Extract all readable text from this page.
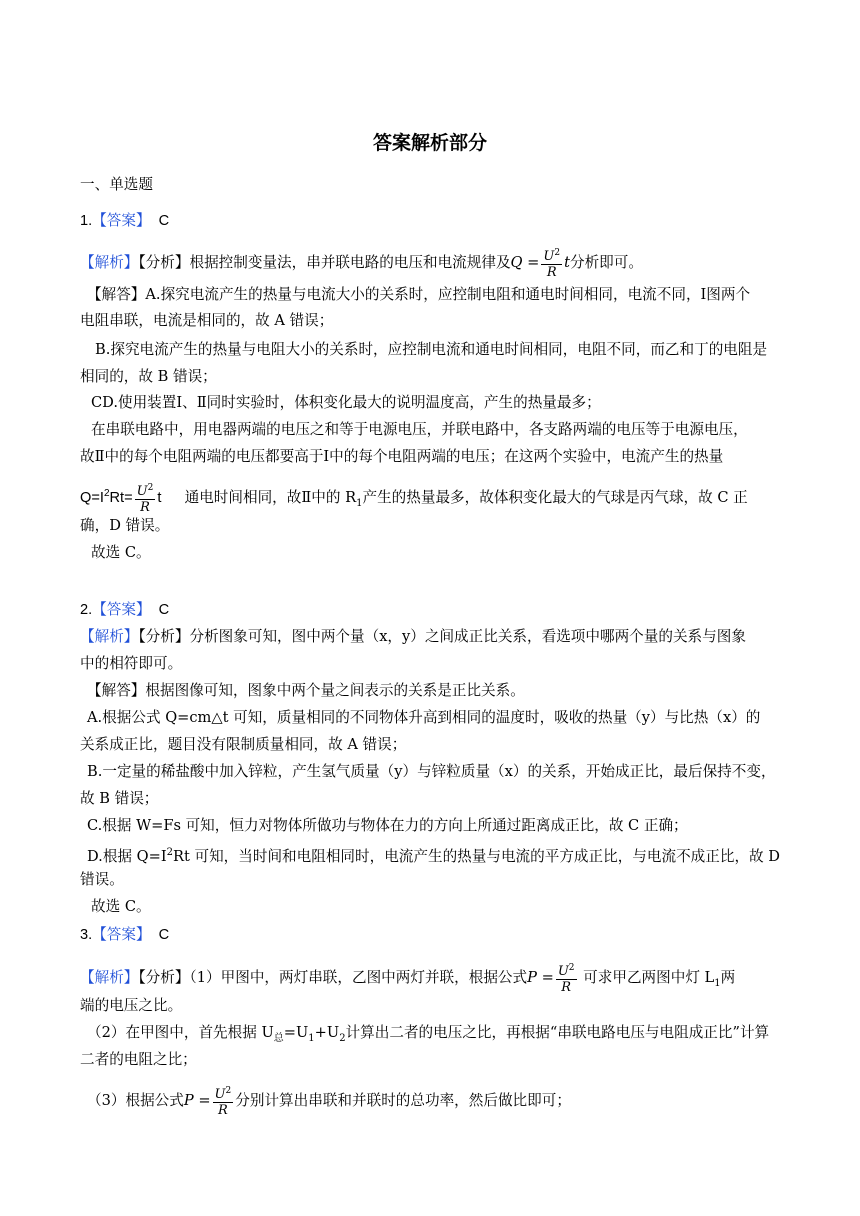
答案解析部分
一、单选题
1.【答案】 C
【解析】【分析】根据控制变量法，串并联电路的电压和电流规律及$Q = \frac{U^2}{R}$ t分析即可。
【解答】A.探究电流产生的热量与电流大小的关系时，应控制电阻和通电时间相同，电流不同，Ⅰ图两个
电阻串联，电流是相同的，故 A 错误；
B.探究电流产生的热量与电阻大小的关系时，应控制电流和通电时间相同，电阻不同，而乙和丁的电阻是
相同的，故 B 错误；
CD.使用装置Ⅰ、Ⅱ同时实验时，体积变化最大的说明温度高，产生的热量最多；
在串联电路中，用电器两端的电压之和等于电源电压，并联电路中，各支路两端的电压等于电源电压，
故Ⅱ中的每个电阻两端的电压都要高于Ⅰ中的每个电阻两端的电压；在这两个实验中，电流产生的热量
$Q=I^2Rt= \frac{U^2}{R}$ t 通电时间相同，故Ⅱ中的 $R_1$产生的热量最多，故体积变化最大的气球是丙气球，故 C 正
确，D 错误。
故选 C。
2.【答案】 C
【解析】【分析】分析图象可知，图中两个量（x，y）之间成正比关系，看选项中哪两个量的关系与图象
中的相符即可。
【解答】根据图像可知，图象中两个量之间表示的关系是正比关系。
A.根据公式 Q=cm△t 可知，质量相同的不同物体升高到相同的温度时，吸收的热量（y）与比热（x）的
关系成正比，题目没有限制质量相同，故 A 错误；
B.一定量的稀盐酸中加入锌粒，产生氢气质量（y）与锌粒质量（x）的关系，开始成正比，最后保持不变，
故 B 错误；
C.根据 W=Fs 可知，恒力对物体所做功与物体在力的方向上所通过距离成正比，故 C 正确；
D.根据 $Q=I^2Rt$ 可知，当时间和电阻相同时，电流产生的热量与电流的平方成正比，与电流不成正比，故 D
错误。
故选 C。
3.【答案】 C
【解析】【分析】（1）甲图中，两灯串联，乙图中两灯并联，根据公式$P = \frac{U^2}{R}$ 可求甲乙两图中灯 $L_1$两
端的电压之比。
（2）在甲图中，首先根据 $U_总=U_1+U_2$计算出二者的电压之比，再根据“串联电路电压与电阻成正比”计算
二者的电阻之比；
（3）根据公式$P = \frac{U^2}{R}$ 分别计算出串联和并联时的总功率，然后做比即可；
